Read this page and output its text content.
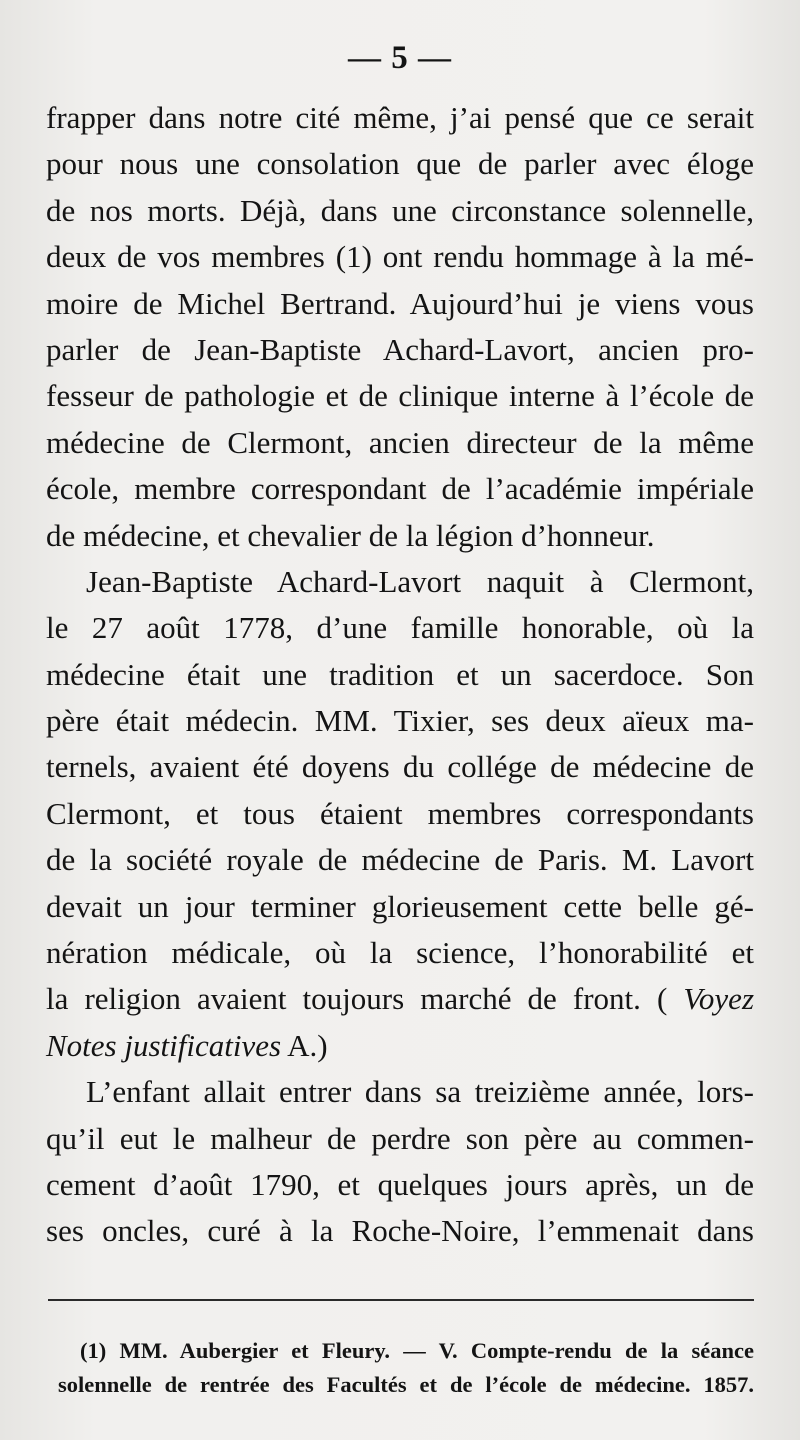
— 5 —
frapper dans notre cité même, j’ai pensé que ce serait
pour nous une consolation que de parler avec éloge
de nos morts. Déjà, dans une circonstance solennelle,
deux de vos membres (1) ont rendu hommage à la mé-
moire de Michel Bertrand. Aujourd’hui je viens vous
parler de Jean-Baptiste Achard-Lavort, ancien pro-
fesseur de pathologie et de clinique interne à l’école de
médecine de Clermont, ancien directeur de la même
école, membre correspondant de l’académie impériale
de médecine, et chevalier de la légion d’honneur.
Jean-Baptiste Achard-Lavort naquit à Clermont,
le 27 août 1778, d’une famille honorable, où la
médecine était une tradition et un sacerdoce. Son
père était médecin. MM. Tixier, ses deux aïeux ma-
ternels, avaient été doyens du collége de médecine de
Clermont, et tous étaient membres correspondants
de la société royale de médecine de Paris. M. Lavort
devait un jour terminer glorieusement cette belle gé-
nération médicale, où la science, l’honorabilité et
la religion avaient toujours marché de front. ( Voyez
Notes justificatives A.)
L’enfant allait entrer dans sa treizième année, lors-
qu’il eut le malheur de perdre son père au commen-
cement d’août 1790, et quelques jours après, un de
ses oncles, curé à la Roche-Noire, l’emmenait dans
(1) MM. Aubergier et Fleury. — V. Compte-rendu de la séance
solennelle de rentrée des Facultés et de l’école de médecine. 1857.
